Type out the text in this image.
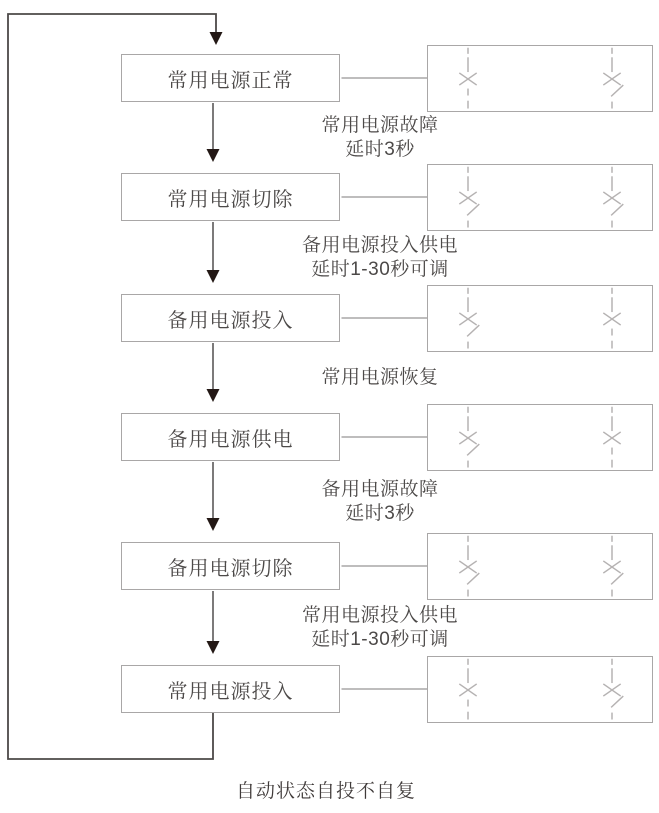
常用电源正常
常用电源切除
备用电源投入
备用电源供电
备用电源切除
常用电源投入
常用电源故障
延时3秒
备用电源投入供电
延时1-30秒可调
常用电源恢复
备用电源故障
延时3秒
常用电源投入供电
延时1-30秒可调
自动状态自投不自复
